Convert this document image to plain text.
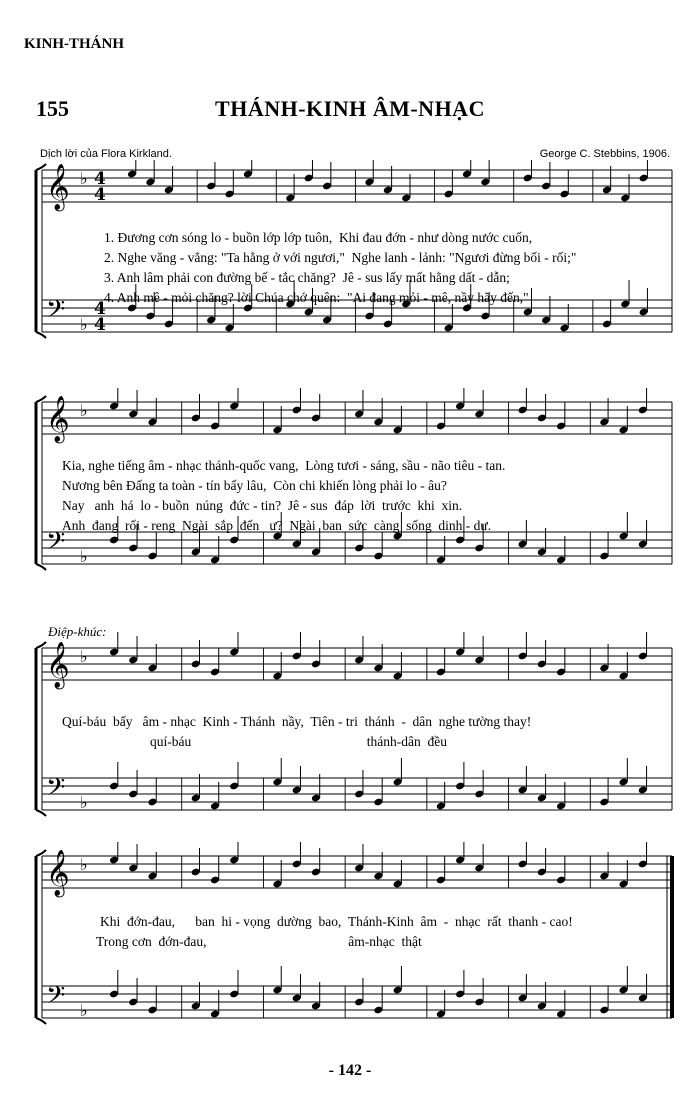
KINH-THÁNH
155	THÁNH-KINH ÂM-NHẠC
Dịch lời của Flora Kirkland.	George C. Stebbins, 1906.
𝄞 ♭ 4
4
𝄢 ♭
4
4
1. Đương cơn sóng lo - buồn lớp lớp tuôn,  Khi đau đớn - như dòng nước cuốn,
2. Nghe văng - vẳng: "Ta hằng ở với ngươi,"  Nghe lanh - lảnh: "Ngươi đừng bối - rối;"
3. Anh lâm phải con đường bế - tắc chăng?  Jê - sus lấy mất hằng dất - dẫn;
4. Anh mê - mỏi chăng? lời Chúa chớ quên:  "Ai đang mỏi - mê, nầy hãy đến,"
𝄞 ♭
𝄢 ♭
Kia, nghe tiếng âm - nhạc thánh-quốc vang,  Lòng tươi - sáng, sầu - não tiêu - tan.
Nương bên Đấng ta toàn - tín bấy lâu,  Còn chi khiến lòng phải lo - âu?
Nay   anh  há  lo - buồn  núng  đức - tin?  Jê - sus  đáp  lời  trước  khi  xin.
Anh  đang  rối - reng  Ngài  sắp  đến   ư?  Ngài  ban  sức  càng  sống  dinh - dư.
Điệp-khúc:
𝄞 ♭
𝄢 ♭
Quí-báu  bấy   âm - nhạc  Kinh - Thánh  nầy,  Tiên - tri  thánh  -  dân  nghe tường thay!
quí-báu                                                    thánh-dân  đều
𝄞 ♭
𝄢 ♭
Khi  đớn-đau,      ban  hi - vọng  dường  bao,  Thánh-Kinh  âm  -  nhạc  rất  thanh - cao!
Trong cơn  đớn-đau,                                          âm-nhạc  thật
- 142 -
